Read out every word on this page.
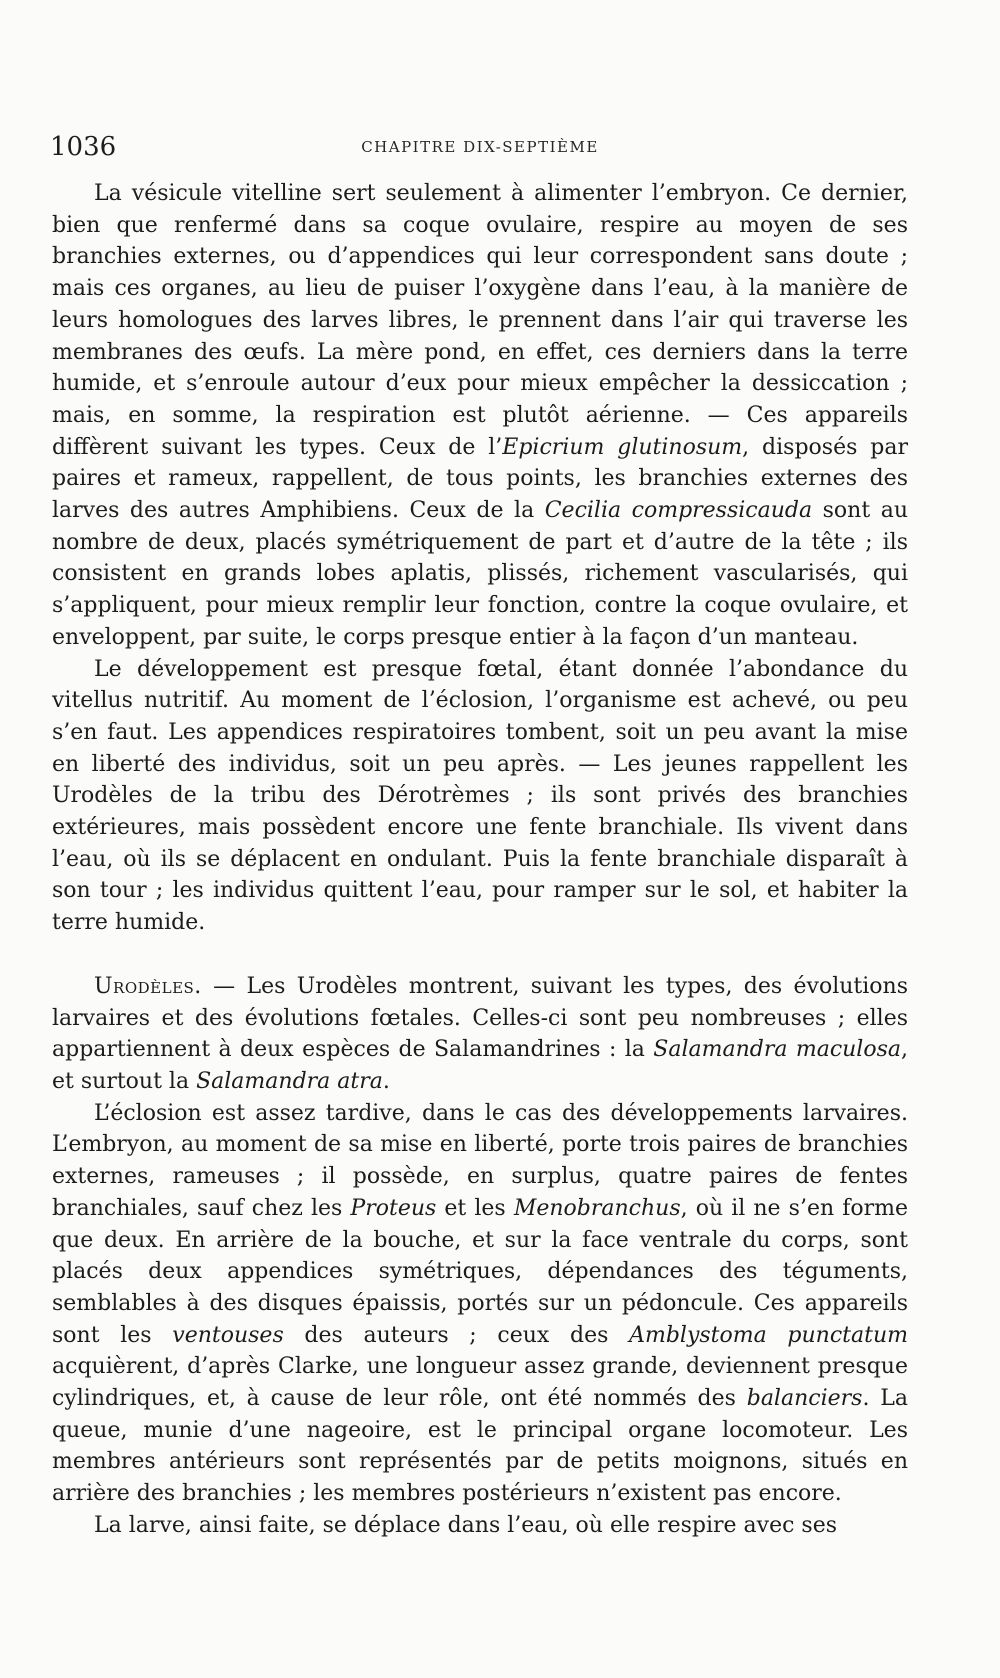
1036	CHAPITRE DIX-SEPTIÈME

La vésicule vitelline sert seulement à alimenter l’embryon. Ce dernier, bien que renfermé dans sa coque ovulaire, respire au moyen de ses branchies externes, ou d’appendices qui leur correspondent sans doute ; mais ces organes, au lieu de puiser l’oxygène dans l’eau, à la manière de leurs homologues des larves libres, le prennent dans l’air qui traverse les membranes des œufs. La mère pond, en effet, ces derniers dans la terre humide, et s’enroule autour d’eux pour mieux empêcher la dessiccation ; mais, en somme, la respiration est plutôt aérienne. — Ces appareils diffèrent suivant les types. Ceux de l’Epicrium glutinosum, disposés par paires et rameux, rappellent, de tous points, les branchies externes des larves des autres Amphibiens. Ceux de la Cecilia compressicauda sont au nombre de deux, placés symétriquement de part et d’autre de la tête ; ils consistent en grands lobes aplatis, plissés, richement vascularisés, qui s’appliquent, pour mieux remplir leur fonction, contre la coque ovulaire, et enveloppent, par suite, le corps presque entier à la façon d’un manteau.

Le développement est presque fœtal, étant donnée l’abondance du vitellus nutritif. Au moment de l’éclosion, l’organisme est achevé, ou peu s’en faut. Les appendices respiratoires tombent, soit un peu avant la mise en liberté des individus, soit un peu après. — Les jeunes rappellent les Urodèles de la tribu des Dérotrèmes ; ils sont privés des branchies extérieures, mais possèdent encore une fente branchiale. Ils vivent dans l’eau, où ils se déplacent en ondulant. Puis la fente branchiale disparaît à son tour ; les individus quittent l’eau, pour ramper sur le sol, et habiter la terre humide.

Urodèles. — Les Urodèles montrent, suivant les types, des évolutions larvaires et des évolutions fœtales. Celles-ci sont peu nombreuses ; elles appartiennent à deux espèces de Salamandrines : la Salamandra maculosa, et surtout la Salamandra atra.

L’éclosion est assez tardive, dans le cas des développements larvaires. L’embryon, au moment de sa mise en liberté, porte trois paires de branchies externes, rameuses ; il possède, en surplus, quatre paires de fentes branchiales, sauf chez les Proteus et les Menobranchus, où il ne s’en forme que deux. En arrière de la bouche, et sur la face ventrale du corps, sont placés deux appendices symétriques, dépendances des téguments, semblables à des disques épaissis, portés sur un pédoncule. Ces appareils sont les ventouses des auteurs ; ceux des Amblystoma punctatum acquièrent, d’après Clarke, une longueur assez grande, deviennent presque cylindriques, et, à cause de leur rôle, ont été nommés des balanciers. La queue, munie d’une nageoire, est le principal organe locomoteur. Les membres antérieurs sont représentés par de petits moignons, situés en arrière des branchies ; les membres postérieurs n’existent pas encore.

La larve, ainsi faite, se déplace dans l’eau, où elle respire avec ses
